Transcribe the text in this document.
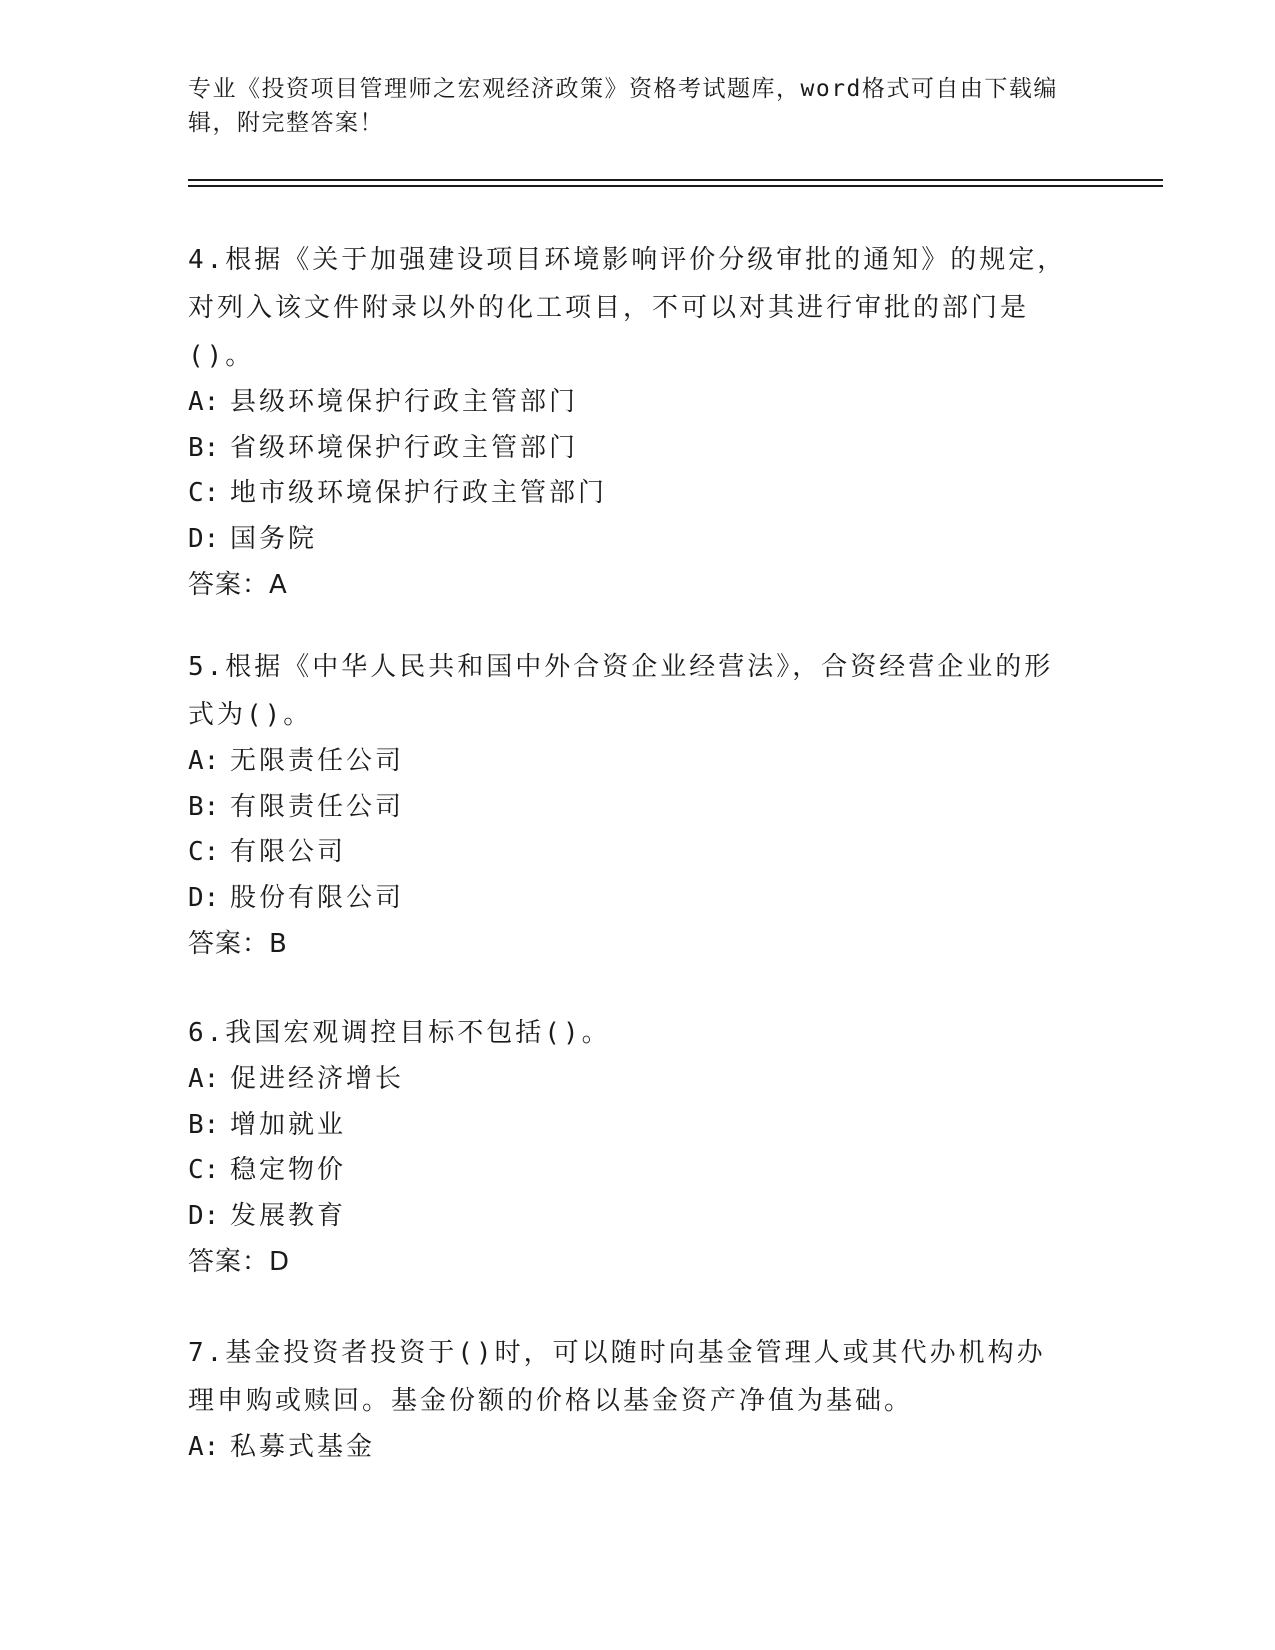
专业《投资项目管理师之宏观经济政策》资格考试题库，word格式可自由下载编辑，附完整答案！
4.根据《关于加强建设项目环境影响评价分级审批的通知》的规定，对列入该文件附录以外的化工项目，不可以对其进行审批的部门是()。
A: 县级环境保护行政主管部门
B: 省级环境保护行政主管部门
C: 地市级环境保护行政主管部门
D: 国务院
答案：A
5.根据《中华人民共和国中外合资企业经营法》，合资经营企业的形式为()。
A: 无限责任公司
B: 有限责任公司
C: 有限公司
D: 股份有限公司
答案：B
6.我国宏观调控目标不包括()。
A: 促进经济增长
B: 增加就业
C: 稳定物价
D: 发展教育
答案：D
7.基金投资者投资于()时，可以随时向基金管理人或其代办机构办理申购或赎回。基金份额的价格以基金资产净值为基础。
A: 私募式基金
